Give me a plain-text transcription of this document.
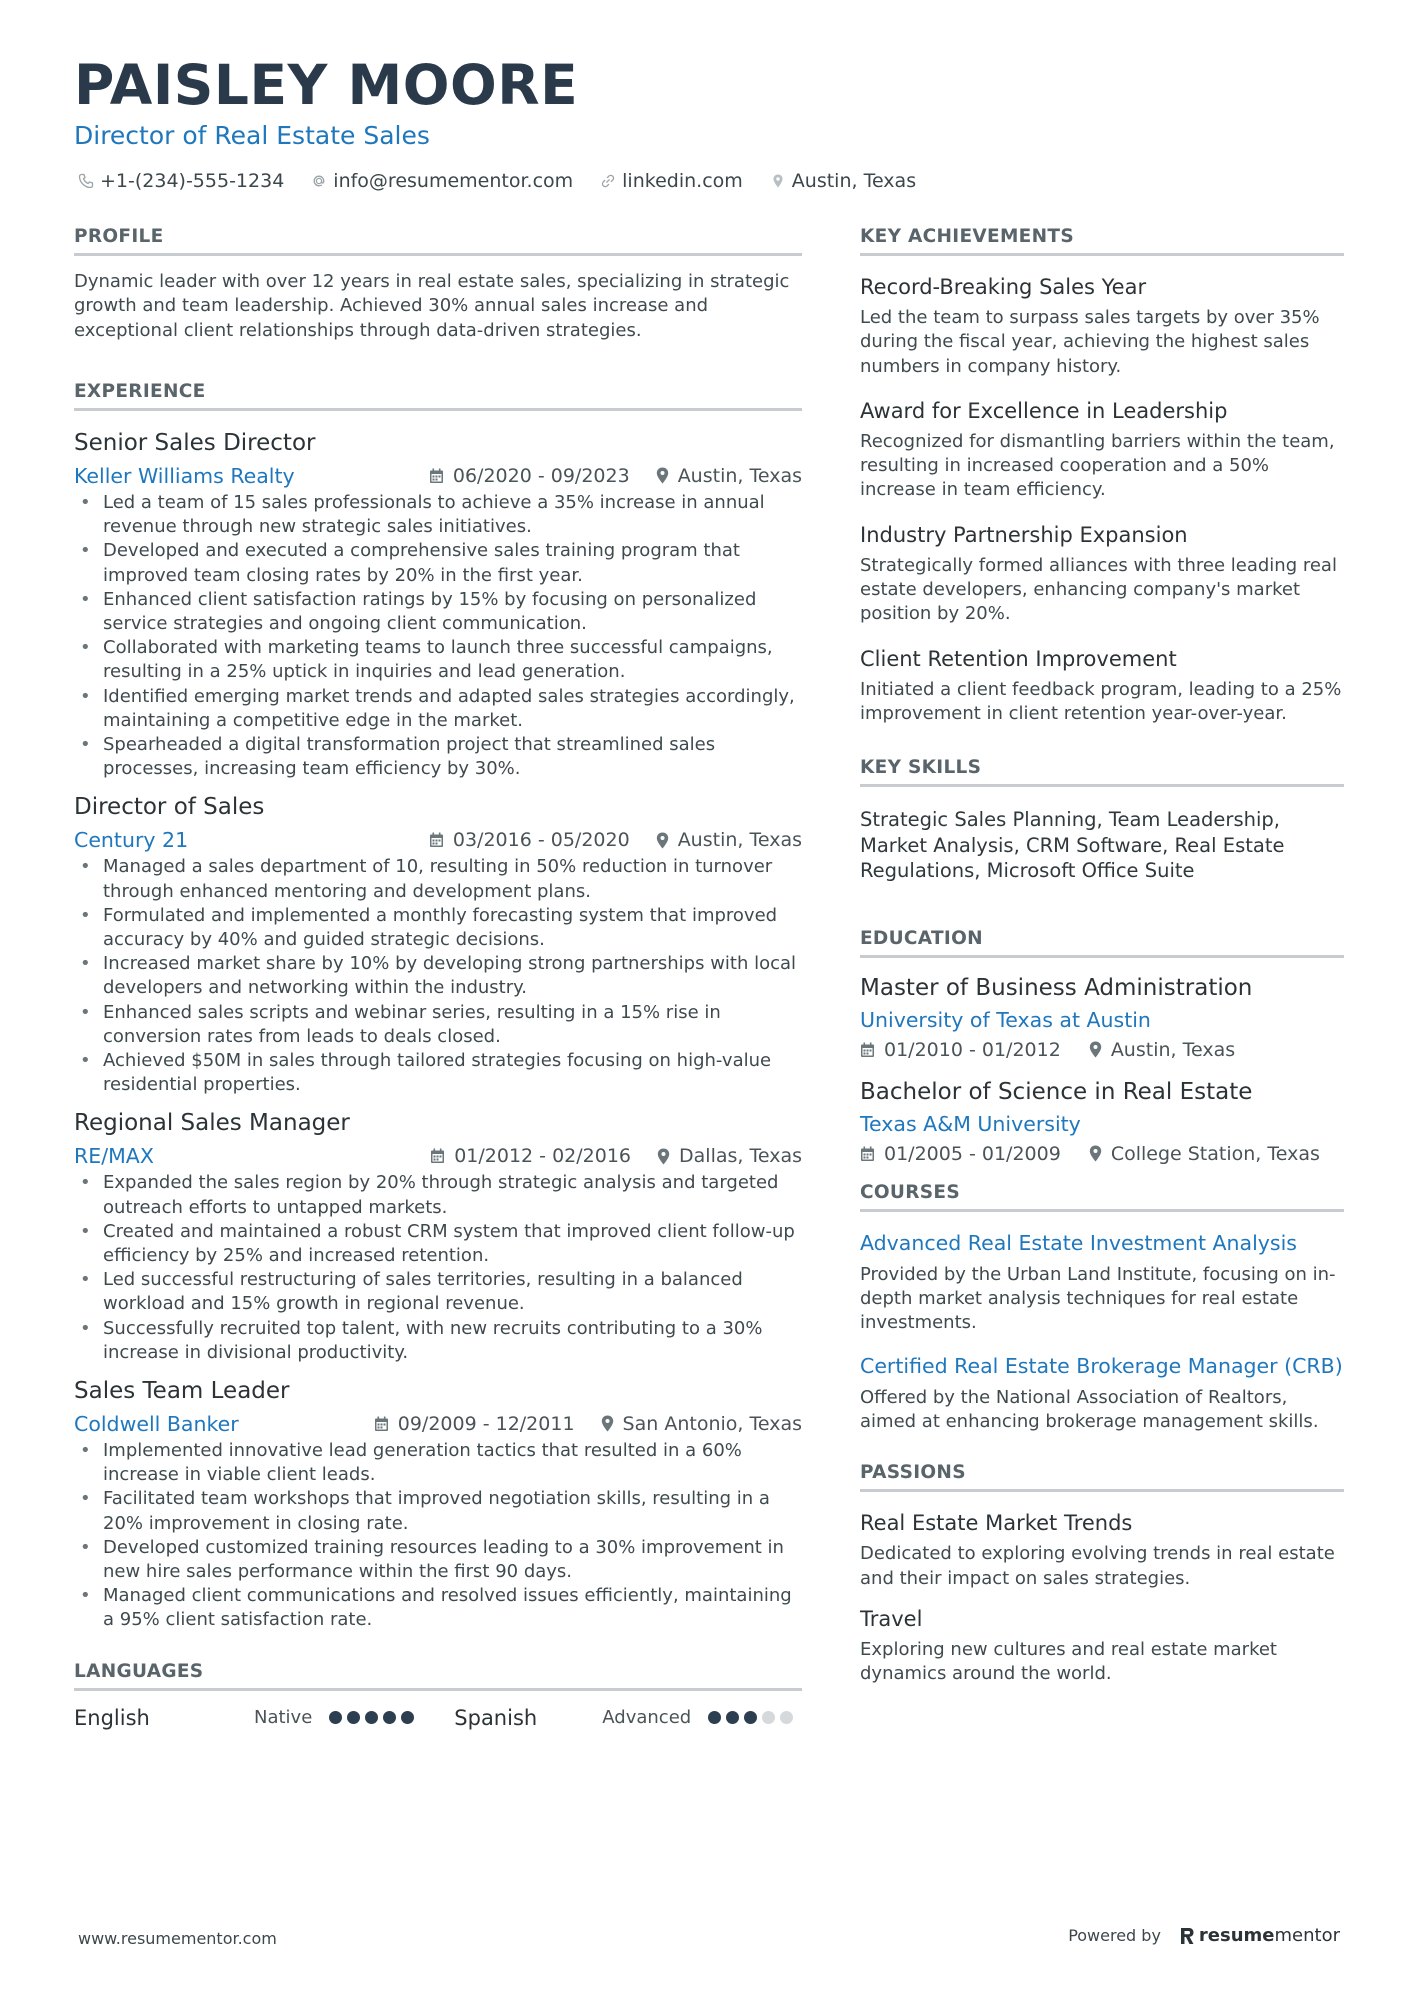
PAISLEY MOORE
Director of Real Estate Sales
+1-(234)-555-1234	info@resumementor.com	linkedin.com	Austin, Texas
PROFILE
Dynamic leader with over 12 years in real estate sales, specializing in strategic growth and team leadership. Achieved 30% annual sales increase and exceptional client relationships through data-driven strategies.
EXPERIENCE
Senior Sales Director
Keller Williams Realty	06/2020 - 09/2023	Austin, Texas
• Led a team of 15 sales professionals to achieve a 35% increase in annual revenue through new strategic sales initiatives.
• Developed and executed a comprehensive sales training program that improved team closing rates by 20% in the first year.
• Enhanced client satisfaction ratings by 15% by focusing on personalized service strategies and ongoing client communication.
• Collaborated with marketing teams to launch three successful campaigns, resulting in a 25% uptick in inquiries and lead generation.
• Identified emerging market trends and adapted sales strategies accordingly, maintaining a competitive edge in the market.
• Spearheaded a digital transformation project that streamlined sales processes, increasing team efficiency by 30%.
Director of Sales
Century 21	03/2016 - 05/2020	Austin, Texas
• Managed a sales department of 10, resulting in 50% reduction in turnover through enhanced mentoring and development plans.
• Formulated and implemented a monthly forecasting system that improved accuracy by 40% and guided strategic decisions.
• Increased market share by 10% by developing strong partnerships with local developers and networking within the industry.
• Enhanced sales scripts and webinar series, resulting in a 15% rise in conversion rates from leads to deals closed.
• Achieved $50M in sales through tailored strategies focusing on high-value residential properties.
Regional Sales Manager
RE/MAX	01/2012 - 02/2016	Dallas, Texas
• Expanded the sales region by 20% through strategic analysis and targeted outreach efforts to untapped markets.
• Created and maintained a robust CRM system that improved client follow-up efficiency by 25% and increased retention.
• Led successful restructuring of sales territories, resulting in a balanced workload and 15% growth in regional revenue.
• Successfully recruited top talent, with new recruits contributing to a 30% increase in divisional productivity.
Sales Team Leader
Coldwell Banker	09/2009 - 12/2011	San Antonio, Texas
• Implemented innovative lead generation tactics that resulted in a 60% increase in viable client leads.
• Facilitated team workshops that improved negotiation skills, resulting in a 20% improvement in closing rate.
• Developed customized training resources leading to a 30% improvement in new hire sales performance within the first 90 days.
• Managed client communications and resolved issues efficiently, maintaining a 95% client satisfaction rate.
LANGUAGES
English	Native	Spanish	Advanced
KEY ACHIEVEMENTS
Record-Breaking Sales Year
Led the team to surpass sales targets by over 35% during the fiscal year, achieving the highest sales numbers in company history.
Award for Excellence in Leadership
Recognized for dismantling barriers within the team, resulting in increased cooperation and a 50% increase in team efficiency.
Industry Partnership Expansion
Strategically formed alliances with three leading real estate developers, enhancing company's market position by 20%.
Client Retention Improvement
Initiated a client feedback program, leading to a 25% improvement in client retention year-over-year.
KEY SKILLS
Strategic Sales Planning, Team Leadership, Market Analysis, CRM Software, Real Estate Regulations, Microsoft Office Suite
EDUCATION
Master of Business Administration
University of Texas at Austin
01/2010 - 01/2012	Austin, Texas
Bachelor of Science in Real Estate
Texas A&M University
01/2005 - 01/2009	College Station, Texas
COURSES
Advanced Real Estate Investment Analysis
Provided by the Urban Land Institute, focusing on in-depth market analysis techniques for real estate investments.
Certified Real Estate Brokerage Manager (CRB)
Offered by the National Association of Realtors, aimed at enhancing brokerage management skills.
PASSIONS
Real Estate Market Trends
Dedicated to exploring evolving trends in real estate and their impact on sales strategies.
Travel
Exploring new cultures and real estate market dynamics around the world.
www.resumementor.com	Powered by resume mentor
